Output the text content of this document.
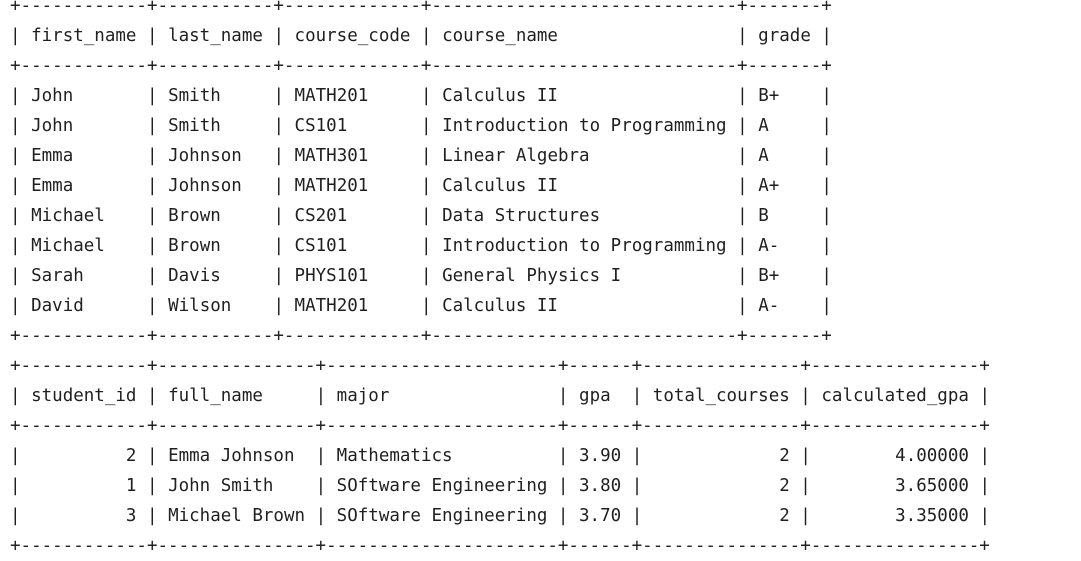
+------------+-----------+-------------+-----------------------------+-------+
| first_name | last_name | course_code | course_name                 | grade |
+------------+-----------+-------------+-----------------------------+-------+
| John       | Smith     | MATH201     | Calculus II                 | B+    |
| John       | Smith     | CS101       | Introduction to Programming | A     |
| Emma       | Johnson   | MATH301     | Linear Algebra              | A     |
| Emma       | Johnson   | MATH201     | Calculus II                 | A+    |
| Michael    | Brown     | CS201       | Data Structures             | B     |
| Michael    | Brown     | CS101       | Introduction to Programming | A-    |
| Sarah      | Davis     | PHYS101     | General Physics I           | B+    |
| David      | Wilson    | MATH201     | Calculus II                 | A-    |
+------------+-----------+-------------+-----------------------------+-------+
+------------+---------------+----------------------+------+---------------+----------------+
| student_id | full_name     | major                | gpa  | total_courses | calculated_gpa |
+------------+---------------+----------------------+------+---------------+----------------+
|	2 | Emma Johnson  | Mathematics          | 3.90 |	2 |	4.00000 |
|	1 | John Smith    | SOftware Engineering | 3.80 |	2 |	3.65000 |
|	3 | Michael Brown | SOftware Engineering | 3.70 |	2 |	3.35000 |
+------------+---------------+----------------------+------+---------------+----------------+
